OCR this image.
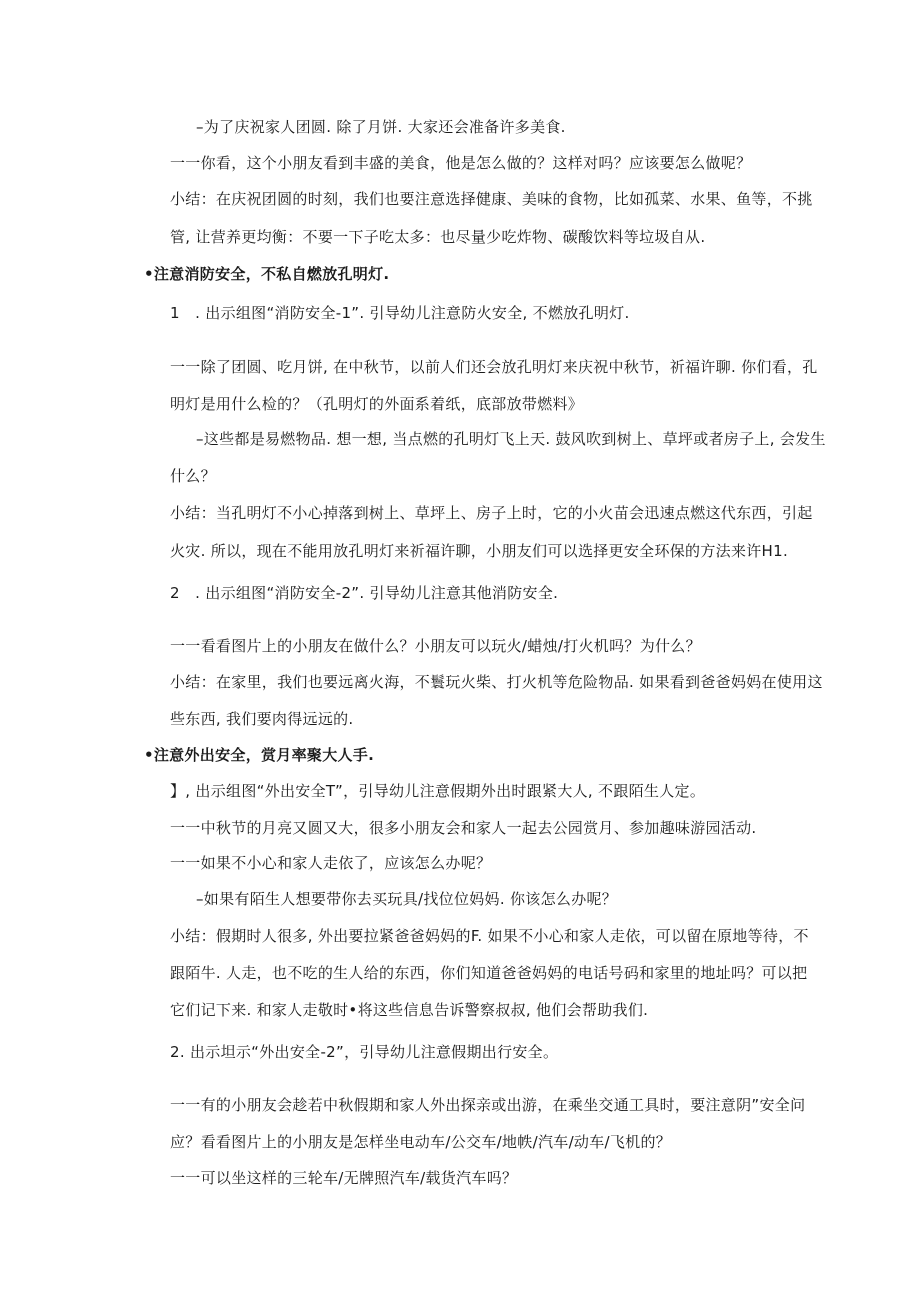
–为了庆祝家人团圆. 除了月饼. 大家还会准备许多美食.
一一你看，这个小朋友看到丰盛的美食，他是怎么做的？这样对吗？应该要怎么做呢？
小结：在庆祝团圆的时刻，我们也要注意选择健康、美味的食物，比如孤菜、水果、鱼等，不挑
管, 让营养更均衡：不要一下子吃太多：也尽量少吃炸物、碳酸饮料等垃圾自从.
•注意消防安全，不私自燃放孔明灯.
1　. 出示组图“消防安全-1”. 引导幼儿注意防火安全, 不燃放孔明灯.
一一除了团圆、吃月饼, 在中秋节，以前人们还会放孔明灯来庆祝中秋节，祈福许聊. 你们看，孔
明灯是用什么检的？（孔明灯的外面系着纸，底部放带燃料》
–这些都是易燃物品. 想一想, 当点燃的孔明灯飞上天. 鼓风吹到树上、草坪或者房子上, 会发生
什么？
小结：当孔明灯不小心掉落到树上、草坪上、房子上时，它的小火苗会迅速点燃这代东西，引起
火灾. 所以，现在不能用放孔明灯来祈福许聊，小朋友们可以选择更安全环保的方法来许H1.
2　. 出示组图“消防安全-2”. 引导幼儿注意其他消防安全.
一一看看图片上的小朋友在做什么？小朋友可以玩火/蜡烛/打火机吗？为什么？
小结：在家里，我们也要远离火海，不鬟玩火柴、打火机等危险物品. 如果看到爸爸妈妈在使用这
些东西, 我们要肉得远远的.
•注意外出安全，赏月率聚大人手.
】, 出示组图“外出安全T”，引导幼儿注意假期外出时跟紧大人, 不跟陌生人定。
一一中秋节的月亮又圆又大，很多小朋友会和家人一起去公园赏月、参加趣味游园活动.
一一如果不小心和家人走依了，应该怎么办呢？
–如果有陌生人想要带你去买玩具/找位位妈妈. 你该怎么办呢？
小结：假期时人很多, 外出要拉紧爸爸妈妈的F. 如果不小心和家人走依，可以留在原地等待，不
跟陌牛. 人走，也不吃的生人给的东西，你们知道爸爸妈妈的电话号码和家里的地址吗？可以把
它们记下来. 和家人走敬时•将这些信息告诉警察叔叔, 他们会帮助我们.
2. 出示坦示“外出安全-2”，引导幼儿注意假期出行安全。
一一有的小朋友会趁若中秋假期和家人外出探亲或出游，在乘坐交通工具时，要注意阴”安全问
应？看看图片上的小朋友是怎样坐电动车/公交车/地帙/汽车/动车/飞机的？
一一可以坐这样的三轮车/无牌照汽车/载货汽车吗？
